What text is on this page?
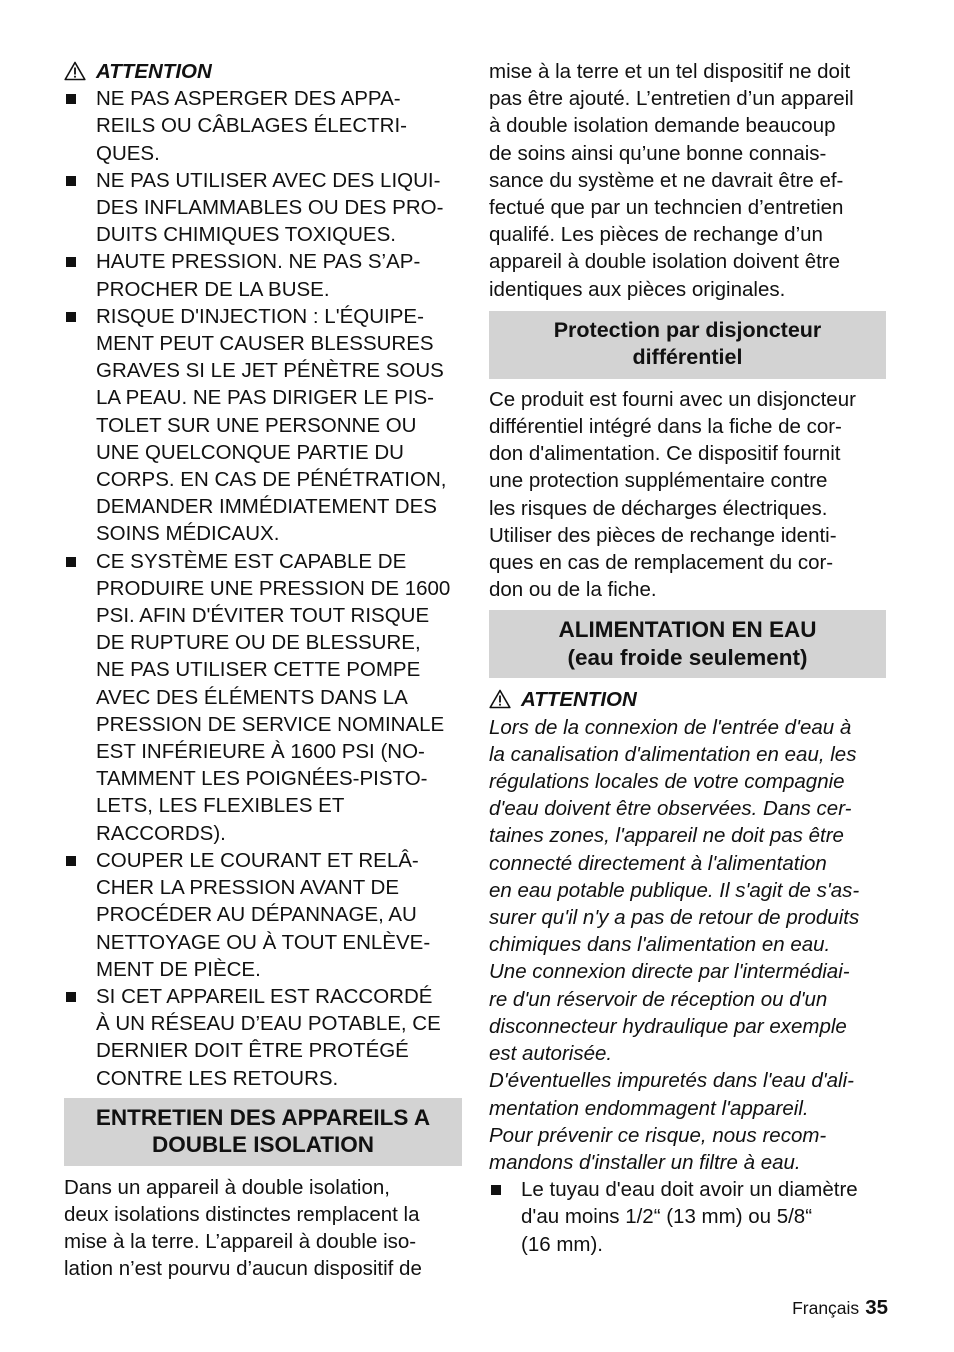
ATTENTION

NE PAS ASPERGER DES APPA-

REILS OU CÂBLAGES ÉLECTRI-

QUES.

NE PAS UTILISER AVEC DES LIQUI-

DES INFLAMMABLES OU DES PRO-

DUITS CHIMIQUES TOXIQUES.

HAUTE PRESSION. NE PAS S’AP-

PROCHER DE LA BUSE.

RISQUE D'INJECTION : L'ÉQUIPE-

MENT PEUT CAUSER BLESSURES

GRAVES SI LE JET PÉNÈTRE SOUS

LA PEAU. NE PAS DIRIGER LE PIS-

TOLET SUR UNE PERSONNE OU

UNE QUELCONQUE PARTIE DU

CORPS. EN CAS DE PÉNÉTRATION,

DEMANDER IMMÉDIATEMENT DES

SOINS MÉDICAUX.

CE SYSTÈME EST CAPABLE DE

PRODUIRE UNE PRESSION DE 1600

PSI. AFIN D'ÉVITER TOUT RISQUE

DE RUPTURE OU DE BLESSURE,

NE PAS UTILISER CETTE POMPE

AVEC DES ÉLÉMENTS DANS LA

PRESSION DE SERVICE NOMINALE

EST INFÉRIEURE À 1600 PSI (NO-

TAMMENT LES POIGNÉES-PISTO-

LETS, LES FLEXIBLES ET

RACCORDS).

COUPER LE COURANT ET RELÂ-

CHER LA PRESSION AVANT DE

PROCÉDER AU DÉPANNAGE, AU

NETTOYAGE OU À TOUT ENLÈVE-

MENT DE PIÈCE.

SI CET APPAREIL EST RACCORDÉ

À UN RÉSEAU D’EAU POTABLE, CE

DERNIER DOIT ÊTRE PROTÉGÉ

CONTRE LES RETOURS.

ENTRETIEN DES APPAREILS A

DOUBLE ISOLATION

Dans un appareil à double isolation,

deux isolations distinctes remplacent la

mise à la terre. L’appareil à double iso-

lation n’est pourvu d’aucun dispositif de

mise à la terre et un tel dispositif ne doit

pas être ajouté. L’entretien d’un appareil

à double isolation demande beaucoup

de soins ainsi qu’une bonne connais-

sance du système et ne davrait être ef-

fectué que par un techncien d’entretien

qualifé. Les pièces de rechange d’un

appareil à double isolation doivent être

identiques aux pièces originales.

Protection par disjoncteur

différentiel

Ce produit est fourni avec un disjoncteur

différentiel intégré dans la fiche de cor-

don d'alimentation. Ce dispositif fournit

une protection supplémentaire contre

les risques de décharges électriques.

Utiliser des pièces de rechange identi-

ques en cas de remplacement du cor-

don ou de la fiche.

ALIMENTATION EN EAU

(eau froide seulement)

ATTENTION

Lors de la connexion de l'entrée d'eau à

la canalisation d'alimentation en eau, les

régulations locales de votre compagnie

d'eau doivent être observées. Dans cer-

taines zones, l'appareil ne doit pas être

connecté directement à l'alimentation

en eau potable publique. Il s'agit de s'as-

surer qu'il n'y a pas de retour de produits

chimiques dans l'alimentation en eau.

Une connexion directe par l'intermédiai-

re d'un réservoir de réception ou d'un

disconnecteur hydraulique par exemple

est autorisée.

D'éventuelles impuretés dans l'eau d'ali-

mentation endommagent l'appareil.

Pour prévenir ce risque, nous recom-

mandons d'installer un filtre à eau.

Le tuyau d'eau doit avoir un diamètre

d'au moins 1/2“ (13 mm) ou 5/8“

(16 mm).

Français 35
